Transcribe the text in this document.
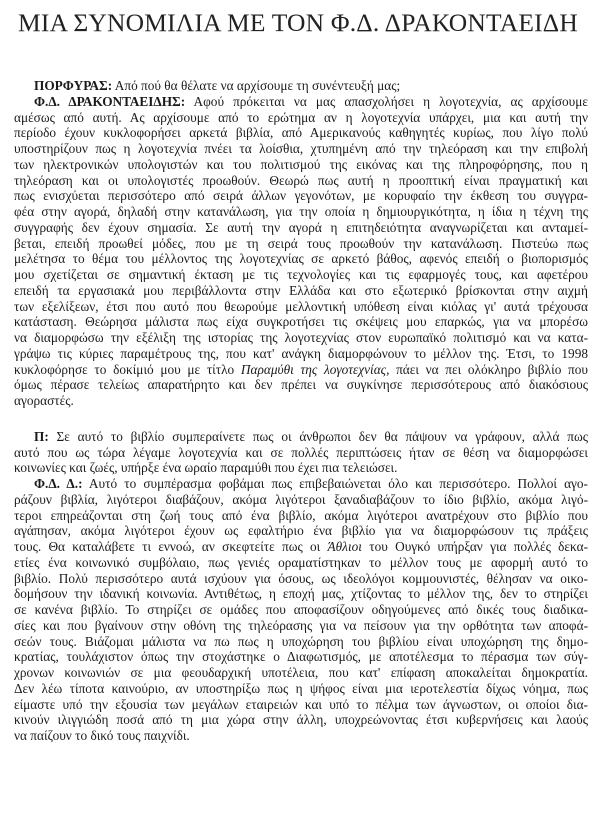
ΜΙΑ ΣΥΝΟΜΙΛΙΑ ΜΕ ΤΟΝ Φ.Δ. ΔΡΑΚΟΝΤΑΕΙΔΗ
ΠΟΡΦΥΡΑΣ: Από πού θα θέλατε να αρχίσουμε τη συνέντευξή μας;
Φ.Δ. ΔΡΑΚΟΝΤΑΕΙΔΗΣ: Αφού πρόκειται να μας απασχολήσει η λογοτεχνία, ας αρχίσουμε
αμέσως από αυτή. Ας αρχίσουμε από το ερώτημα αν η λογοτεχνία υπάρχει, μια και αυτή την
περίοδο έχουν κυκλοφορήσει αρκετά βιβλία, από Αμερικανούς καθηγητές κυρίως, που λίγο πολύ
υποστηρίζουν πως η λογοτεχνία πνέει τα λοίσθια, χτυπημένη από την τηλεόραση και την επιβολή
των ηλεκτρονικών υπολογιστών και του πολιτισμού της εικόνας και της πληροφόρησης, που η
τηλεόραση και οι υπολογιστές προωθούν. Θεωρώ πως αυτή η προοπτική είναι πραγματική και
πως ενισχύεται περισσότερο από σειρά άλλων γεγονότων, με κορυφαίο την έκθεση του συγγρα-
φέα στην αγορά, δηλαδή στην κατανάλωση, για την οποία η δημιουργικότητα, η ίδια η τέχνη της
συγγραφής δεν έχουν σημασία. Σε αυτή την αγορά η επιτηδειότητα αναγνωρίζεται και ανταμεί-
βεται, επειδή προωθεί μόδες, που με τη σειρά τους προωθούν την κατανάλωση. Πιστεύω πως
μελέτησα το θέμα του μέλλοντος της λογοτεχνίας σε αρκετό βάθος, αφενός επειδή ο βιοπορισμός
μου σχετίζεται σε σημαντική έκταση με τις τεχνολογίες και τις εφαρμογές τους, και αφετέρου
επειδή τα εργασιακά μου περιβάλλοντα στην Ελλάδα και στο εξωτερικό βρίσκονται στην αιχμή
των εξελίξεων, έτσι που αυτό που θεωρούμε μελλοντική υπόθεση είναι κιόλας γι' αυτά τρέχουσα
κατάσταση. Θεώρησα μάλιστα πως είχα συγκροτήσει τις σκέψεις μου επαρκώς, για να μπορέσω
να διαμορφώσω την εξέλιξη της ιστορίας της λογοτεχνίας στον ευρωπαϊκό πολιτισμό και να κατα-
γράψω τις κύριες παραμέτρους της, που κατ' ανάγκη διαμορφώνουν το μέλλον της. Έτσι, το 1998
κυκλοφόρησε το δοκίμιό μου με τίτλο Παραμύθι της λογοτεχνίας, πάει να πει ολόκληρο βιβλίο που
όμως πέρασε τελείως απαρατήρητο και δεν πρέπει να συγκίνησε περισσότερους από διακόσιους
αγοραστές.
Π: Σε αυτό το βιβλίο συμπεραίνετε πως οι άνθρωποι δεν θα πάψουν να γράφουν, αλλά πως
αυτό που ως τώρα λέγαμε λογοτεχνία και σε πολλές περιπτώσεις ήταν σε θέση να διαμορφώσει
κοινωνίες και ζωές, υπήρξε ένα ωραίο παραμύθι που έχει πια τελειώσει.
Φ.Δ. Δ.: Αυτό το συμπέρασμα φοβάμαι πως επιβεβαιώνεται όλο και περισσότερο. Πολλοί αγο-
ράζουν βιβλία, λιγότεροι διαβάζουν, ακόμα λιγότεροι ξαναδιαβάζουν το ίδιο βιβλίο, ακόμα λιγό-
τεροι επηρεάζονται στη ζωή τους από ένα βιβλίο, ακόμα λιγότεροι ανατρέχουν στο βιβλίο που
αγάπησαν, ακόμα λιγότεροι έχουν ως εφαλτήριο ένα βιβλίο για να διαμορφώσουν τις πράξεις
τους. Θα καταλάβετε τι εννοώ, αν σκεφτείτε πως οι Άθλιοι του Ουγκό υπήρξαν για πολλές δεκα-
ετίες ένα κοινωνικό συμβόλαιο, πως γενιές οραματίστηκαν το μέλλον τους με αφορμή αυτό το
βιβλίο. Πολύ περισσότερο αυτά ισχύουν για όσους, ως ιδεολόγοι κομμουνιστές, θέλησαν να οικο-
δομήσουν την ιδανική κοινωνία. Αντιθέτως, η εποχή μας, χτίζοντας το μέλλον της, δεν το στηρίζει
σε κανένα βιβλίο. Το στηρίζει σε ομάδες που αποφασίζουν οδηγούμενες από δικές τους διαδικα-
σίες και που βγαίνουν στην οθόνη της τηλεόρασης για να πείσουν για την ορθότητα των αποφά-
σεών τους. Βιάζομαι μάλιστα να πω πως η υποχώρηση του βιβλίου είναι υποχώρηση της δημο-
κρατίας, τουλάχιστον όπως την στοχάστηκε ο Διαφωτισμός, με αποτέλεσμα το πέρασμα των σύγ-
χρονων κοινωνιών σε μια φεουδαρχική υποτέλεια, που κατ' επίφαση αποκαλείται δημοκρατία.
Δεν λέω τίποτα καινούριο, αν υποστηρίξω πως η ψήφος είναι μια ιεροτελεστία δίχως νόημα, πως
είμαστε υπό την εξουσία των μεγάλων εταιρειών και υπό το πέλμα των άγνωστων, οι οποίοι δια-
κινούν ιλιγγιώδη ποσά από τη μια χώρα στην άλλη, υποχρεώνοντας έτσι κυβερνήσεις και λαούς
να παίζουν το δικό τους παιχνίδι.
